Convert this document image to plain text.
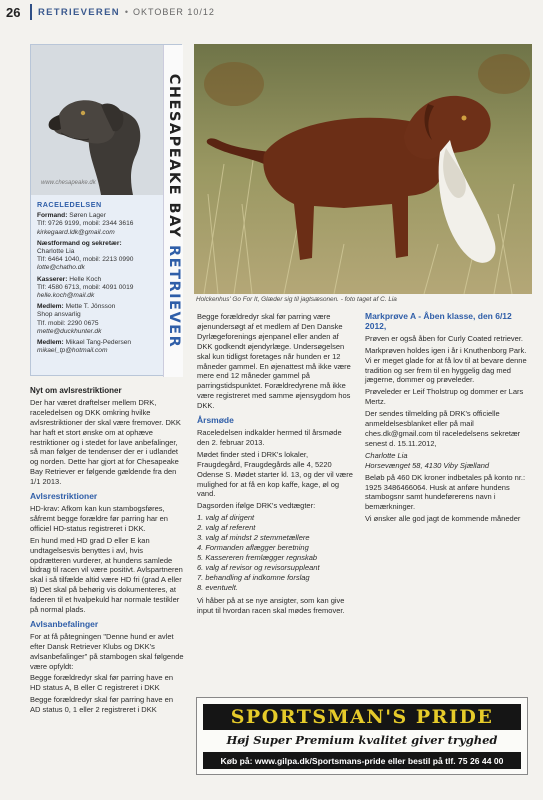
26	RETRIEVEREN • OKTOBER 10/12
www.chesapeake.dk	CHESAPEAKE BAY RETRIEVER
RACELEDELSEN

Formand: Søren Lager
Tlf: 9726 9199, mobil: 2344 3616
kirkegaard.ldk@gmail.com

Næstformand og sekretær:
Charlotte Lia
Tlf: 6464 1040, mobil: 2213 0990
lotte@chatho.dk

Kasserer: Helle Koch
Tlf: 4580 6713, mobil: 4091 0019
helle.koch@mail.dk

Medlem: Mette T. Jönsson
Shop ansvarlig
Tlf. mobil: 2290 0675
mette@duckhunter.dk

Medlem: Mikael Tang-Pedersen
mikael_tp@hotmail.com

Holckenhus' Go For It, Glæder sig til jagtsæsonen. - foto taget af C. Lia
Nyt om avlsrestriktioner

Der har været drøftelser mellem DRK, raceledelsen og DKK omkring hvilke avlsrestriktioner der skal være fremover. DKK har haft et stort ønske om at ophæve restriktioner og i stedet for lave anbefalinger, så man følger de tendenser der er i udlandet og norden. Dette har gjort at for Chesapeake Bay Retriever er følgende gældende fra den 1/1 2013.

Avlsrestriktioner

HD-krav: Afkom kan kun stambogsføres, såfremt begge forældre før parring har en officiel HD-status registreret i DKK.

En hund med HD grad D eller E kan undtagelsesvis benyttes i avl, hvis opdrætteren vurderer, at hundens samlede bidrag til racen vil være positivt. Avlspartneren skal i så tilfælde altid være HD fri (grad A eller B) Det skal på behørig vis dokumenteres, at faderen til et hvalpekuld har normale testikler på normal plads.

Avlsanbefalinger

For at få påtegningen "Denne hund er avlet efter Dansk Retriever Klubs og DKK's avlsanbefalinger" på stambogen skal følgende være opfyldt:

Begge forældredyr skal før parring have en HD status A, B eller C registreret i DKK

Begge forældredyr skal før parring have en AD status 0, 1 eller 2 registreret i DKK

Begge forældredyr skal før parring være øjenundersøgt af et medlem af Den Danske Dyrlægeforenings øjenpanel eller anden af DKK godkendt øjendyrlæge. Undersøgelsen skal kun tidligst foretages når hunden er 12 måneder gammel. En øjenattest må ikke være mere end 12 måneder gammel på parringstidspunktet. Forældredyrene må ikke være registreret med samme øjensygdom hos DKK.

Årsmøde

Raceledelsen indkalder hermed til årsmøde den 2. februar 2013.

Mødet finder sted i DRK's lokaler, Fraugdegård, Fraugdegårds alle 4, 5220 Odense S. Mødet starter kl. 13, og der vil være mulighed for at få en kop kaffe, kage, øl og vand.

Dagsorden ifølge DRK's vedtægter:

1. valg af dirigent
2. valg af referent
3. valg af mindst 2 stemmetællere
4. Formanden aflægger beretning
5. Kassereren fremlægger regnskab
6. valg af revisor og revisorsuppleant
7. behandling af indkomne forslag
8. eventuelt.

Vi håber på at se nye ansigter, som kan give input til hvordan racen skal mødes fremover.

Markprøve A - Åben klasse, den 6/12 2012,

Prøven er også åben for Curly Coated retriever.

Markprøven holdes igen i år i Knuthenborg Park. Vi er meget glade for at få lov til at bevare denne tradition og ser frem til en hyggelig dag med jægerne, dommer og prøveleder.

Prøveleder er Leif Tholstrup og dommer er Lars Mertz.

Der sendes tilmelding på DRK's officielle anmeldelsesblanket eller på mail ches.dk@gmail.com til raceledelsens sekretær senest d. 15.11.2012,

Charlotte Lia

Horsevænget 58, 4130 Viby Sjælland

Beløb på 460 DK kroner indbetales på konto nr.: 1925 3486466064. Husk at anføre hundens stambogsnr samt hundeførerens navn i bemærkninger.

Vi ønsker alle god jagt de kommende måneder

SPORTSMAN'S PRIDE
Høj Super Premium kvalitet giver tryghed
Køb på: www.gilpa.dk/Sportsmans-pride eller bestil på tlf. 75 26 44 00
